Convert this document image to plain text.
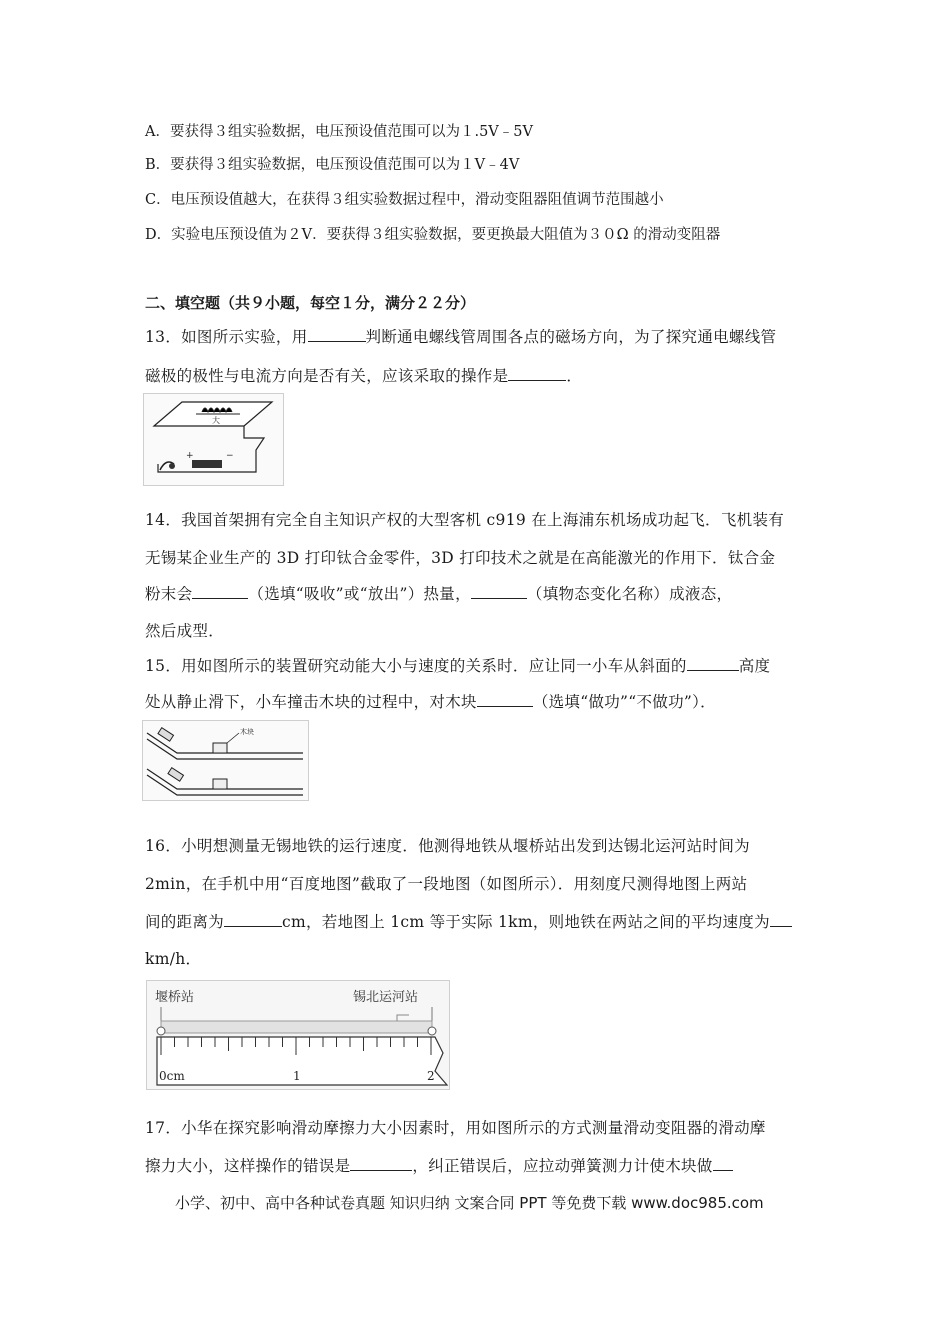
A．要获得３组实验数据，电压预设值范围可以为１.5V﹣5V
B．要获得３组实验数据，电压预设值范围可以为１V﹣4V
C．电压预设值越大，在获得３组实验数据过程中，滑动变阻器阻值调节范围越小
D．实验电压预设值为２V．要获得３组实验数据，要更换最大阻值为３０Ω 的滑动变阻器
二、填空题（共９小题，每空１分，满分２２分）
13．如图所示实验，用	判断通电螺线管周围各点的磁场方向，为了探究通电螺线管
磁极的极性与电流方向是否有关，应该采取的操作是	．
大
+	−
14．我国首架拥有完全自主知识产权的大型客机 c919 在上海浦东机场成功起飞．飞机装有
无锡某企业生产的 3D 打印钛合金零件，3D 打印技术之就是在高能激光的作用下．钛合金
粉末会	（选填“吸收”或“放出”）热量，	（填物态变化名称）成液态，
然后成型．
15．用如图所示的装置研究动能大小与速度的关系时．应让同一小车从斜面的	高度
处从静止滑下，小车撞击木块的过程中，对木块	（选填“做功”“不做功”）．
木块
16．小明想测量无锡地铁的运行速度．他测得地铁从堰桥站出发到达锡北运河站时间为
2min，在手机中用“百度地图”截取了一段地图（如图所示）．用刻度尺测得地图上两站
间的距离为	cm，若地图上 1cm 等于实际 1km，则地铁在两站之间的平均速度为
km/h．
堰桥站	锡北运河站
0cm	1	2
17．小华在探究影响滑动摩擦力大小因素时，用如图所示的方式测量滑动变阻器的滑动摩
擦力大小，这样操作的错误是	，纠正错误后，应拉动弹簧测力计使木块做
小学、初中、高中各种试卷真题 知识归纳 文案合同 PPT 等免费下载 www.doc985.com
